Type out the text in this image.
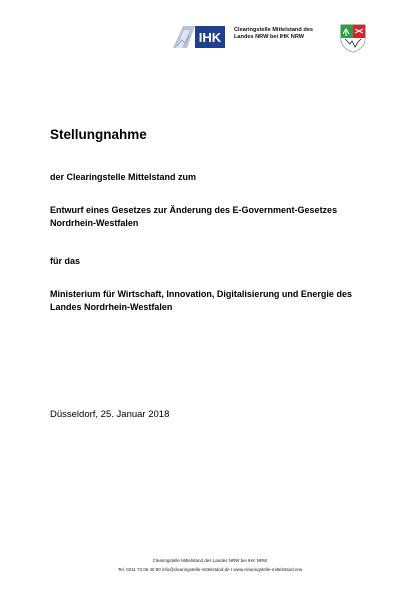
IHK Clearingstelle Mittelstand des
Landes NRW bei IHK NRW
Stellungnahme
der Clearingstelle Mittelstand zum
Entwurf eines Gesetzes zur Änderung des E-Government-Gesetzes Nordrhein-Westfalen
für das
Ministerium für Wirtschaft, Innovation, Digitalisierung und Energie des Landes Nordrhein-Westfalen
Düsseldorf, 25. Januar 2018
Clearingstelle Mittelstand des Landes NRW bei IHK NRW
Tel. 0211 73 06 40 90 info@clearingstelle-mittelstand.de I www.clearingstelle-mittelstand.nrw
